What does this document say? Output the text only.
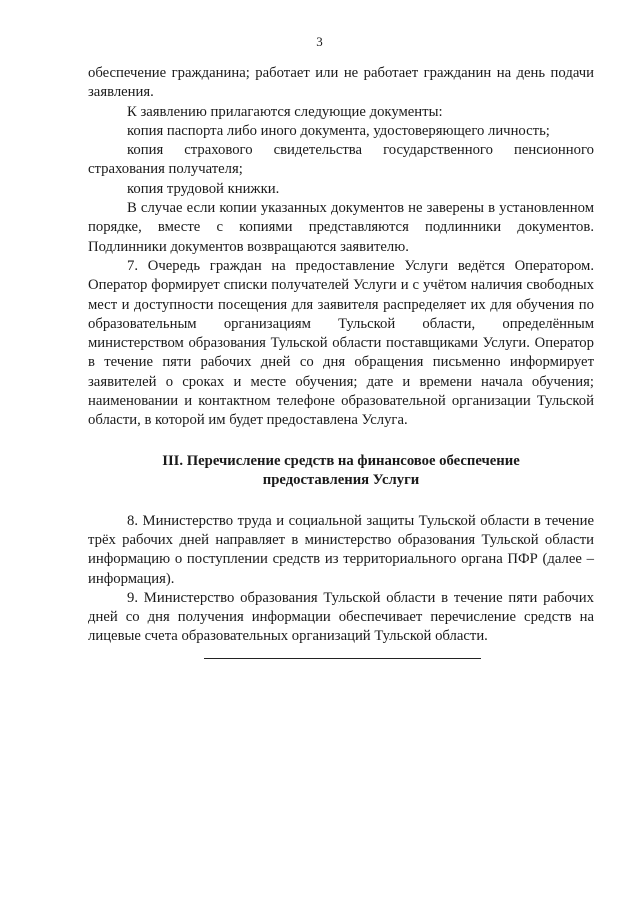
3

обеспечение гражданина; работает или не работает гражданин на день подачи заявления.

К заявлению прилагаются следующие документы:

копия паспорта либо иного документа, удостоверяющего личность;

копия страхового свидетельства государственного пенсионного страхования получателя;

копия трудовой книжки.

В случае если копии указанных документов не заверены в установленном порядке, вместе с копиями представляются подлинники документов. Подлинники документов возвращаются заявителю.

7. Очередь граждан на предоставление Услуги ведётся Оператором. Оператор формирует списки получателей Услуги и с учётом наличия свободных мест и доступности посещения для заявителя распределяет их для обучения по образовательным организациям Тульской области, определённым министерством образования Тульской области поставщиками Услуги. Оператор в течение пяти рабочих дней со дня обращения письменно информирует заявителей о сроках и месте обучения; дате и времени начала обучения; наименовании и контактном телефоне образовательной организации Тульской области, в которой им будет предоставлена Услуга.

III. Перечисление средств на финансовое обеспечение
предоставления Услуги

8. Министерство труда и социальной защиты Тульской области в течение трёх рабочих дней направляет в министерство образования Тульской области информацию о поступлении средств из территориального органа ПФР (далее – информация).

9. Министерство образования Тульской области в течение пяти рабочих дней со дня получения информации обеспечивает перечисление средств на лицевые счета образовательных организаций Тульской области.
